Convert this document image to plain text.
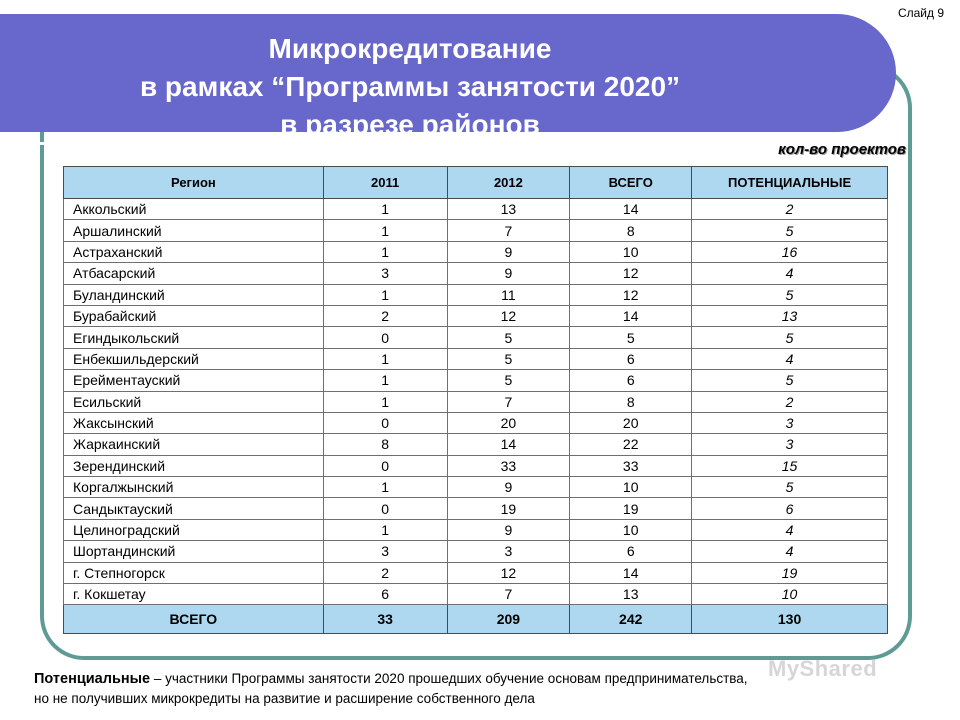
Микрокредитование
в рамках “Программы занятости 2020”
в разрезе районов
Слайд 9
кол-во проектов
Регион	2011	2012	ВСЕГО	ПОТЕНЦИАЛЬНЫЕ
Аккольский	1	13	14	2
Аршалинский	1	7	8	5
Астраханский	1	9	10	16
Атбасарский	3	9	12	4
Буландинский	1	11	12	5
Бурабайский	2	12	14	13
Егиндыкольский	0	5	5	5
Енбекшильдерский	1	5	6	4
Ерейментауский	1	5	6	5
Есильский	1	7	8	2
Жаксынский	0	20	20	3
Жаркаинский	8	14	22	3
Зерендинский	0	33	33	15
Коргалжынский	1	9	10	5
Сандыктауский	0	19	19	6
Целиноградский	1	9	10	4
Шортандинский	3	3	6	4
г. Степногорск	2	12	14	19
г. Кокшетау	6	7	13	10
ВСЕГО	33	209	242	130
Потенциальные – участники Программы занятости 2020 прошедших обучение основам предпринимательства,
но не получивших микрокредиты на развитие и расширение собственного дела
MyShared
